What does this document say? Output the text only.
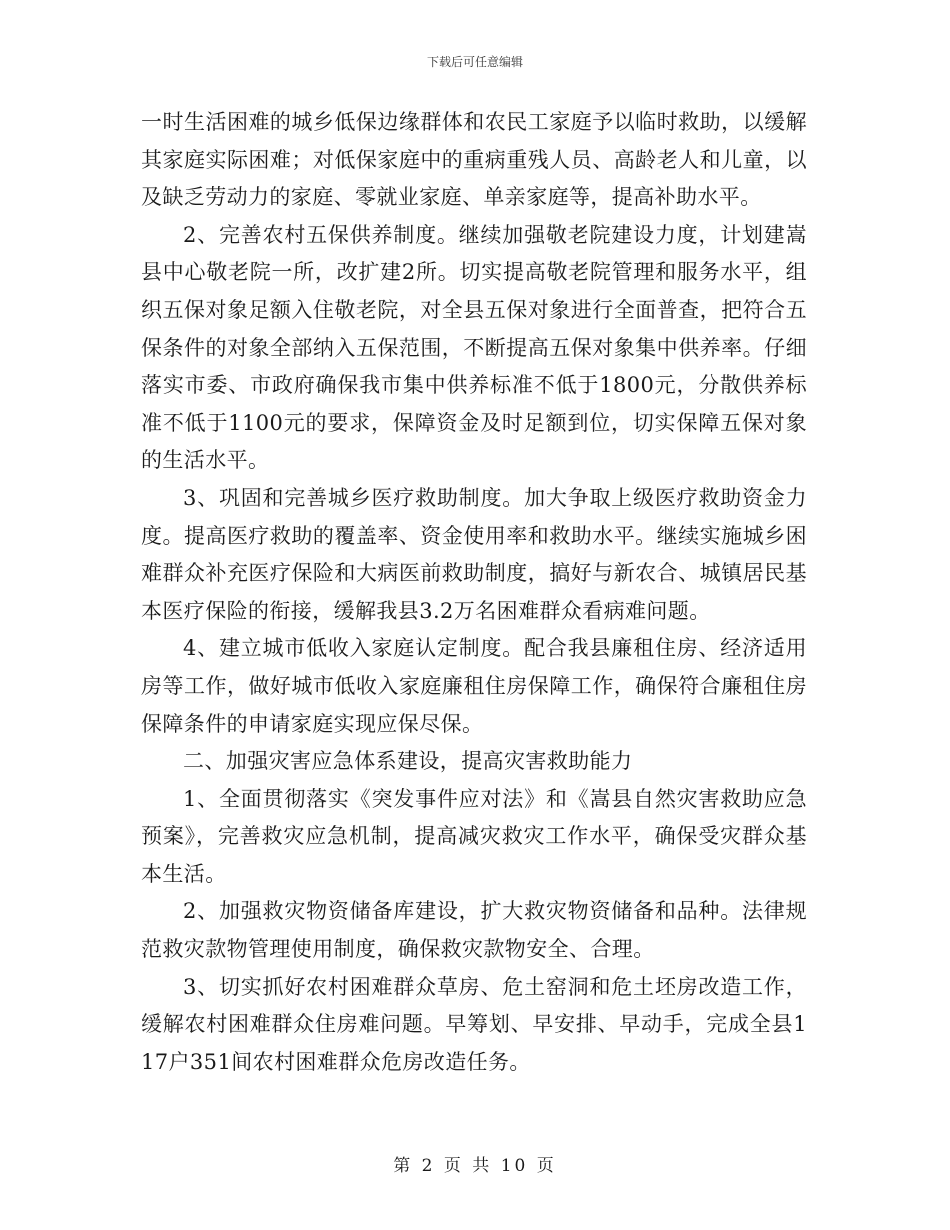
下载后可任意编辑

一时生活困难的城乡低保边缘群体和农民工家庭予以临时救助，以缓解其家庭实际困难；对低保家庭中的重病重残人员、高龄老人和儿童，以及缺乏劳动力的家庭、零就业家庭、单亲家庭等，提高补助水平。

2、完善农村五保供养制度。继续加强敬老院建设力度，计划建嵩县中心敬老院一所，改扩建2所。切实提高敬老院管理和服务水平，组织五保对象足额入住敬老院，对全县五保对象进行全面普查，把符合五保条件的对象全部纳入五保范围，不断提高五保对象集中供养率。仔细落实市委、市政府确保我市集中供养标准不低于1800元，分散供养标准不低于1100元的要求，保障资金及时足额到位，切实保障五保对象的生活水平。

3、巩固和完善城乡医疗救助制度。加大争取上级医疗救助资金力度。提高医疗救助的覆盖率、资金使用率和救助水平。继续实施城乡困难群众补充医疗保险和大病医前救助制度，搞好与新农合、城镇居民基本医疗保险的衔接，缓解我县3.2万名困难群众看病难问题。

4、建立城市低收入家庭认定制度。配合我县廉租住房、经济适用房等工作，做好城市低收入家庭廉租住房保障工作，确保符合廉租住房保障条件的申请家庭实现应保尽保。

二、加强灾害应急体系建设，提高灾害救助能力

1、全面贯彻落实《突发事件应对法》和《嵩县自然灾害救助应急预案》，完善救灾应急机制，提高减灾救灾工作水平，确保受灾群众基本生活。

2、加强救灾物资储备库建设，扩大救灾物资储备和品种。法律规范救灾款物管理使用制度，确保救灾款物安全、合理。

3、切实抓好农村困难群众草房、危土窑洞和危土坯房改造工作，缓解农村困难群众住房难问题。早筹划、早安排、早动手，完成全县117户351间农村困难群众危房改造任务。

第 2 页 共 10 页
